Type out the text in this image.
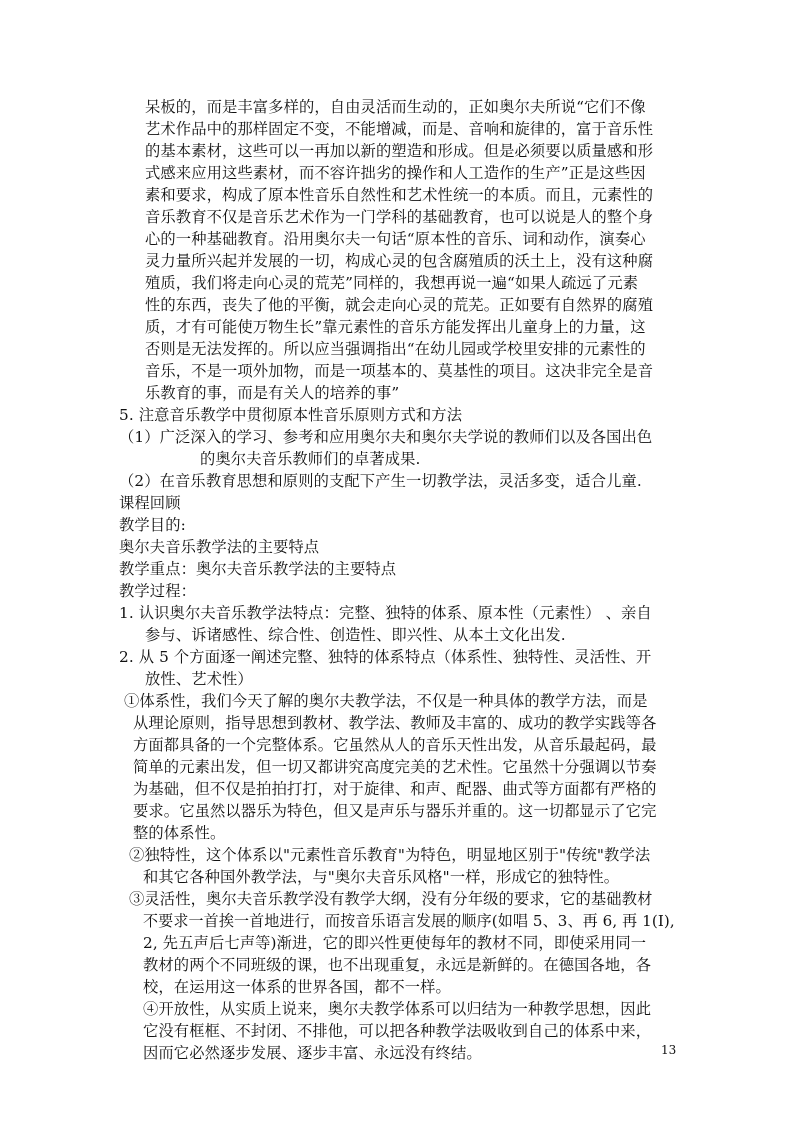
呆板的，而是丰富多样的，自由灵活而生动的，正如奥尔夫所说“它们不像
艺术作品中的那样固定不变，不能增减，而是、音响和旋律的，富于音乐性
的基本素材，这些可以一再加以新的塑造和形成。但是必须要以质量感和形
式感来应用这些素材，而不容许拙劣的操作和人工造作的生产”正是这些因
素和要求，构成了原本性音乐自然性和艺术性统一的本质。而且，元素性的
音乐教育不仅是音乐艺术作为一门学科的基础教育，也可以说是人的整个身
心的一种基础教育。沿用奥尔夫一句话“原本性的音乐、词和动作，演奏心
灵力量所兴起并发展的一切，构成心灵的包含腐殖质的沃土上，没有这种腐
殖质，我们将走向心灵的荒芜”同样的，我想再说一遍“如果人疏远了元素
性的东西，丧失了他的平衡，就会走向心灵的荒芜。正如要有自然界的腐殖
质，才有可能使万物生长”靠元素性的音乐方能发挥出儿童身上的力量，这
否则是无法发挥的。所以应当强调指出“在幼儿园或学校里安排的元素性的
音乐，不是一项外加物，而是一项基本的、莫基性的项目。这决非完全是音
乐教育的事，而是有关人的培养的事”
5. 注意音乐教学中贯彻原本性音乐原则方式和方法
（1）广泛深入的学习、参考和应用奥尔夫和奥尔夫学说的教师们以及各国出色
的奥尔夫音乐教师们的卓著成果.
（2）在音乐教育思想和原则的支配下产生一切教学法，灵活多变，适合儿童.
课程回顾
教学目的:
奥尔夫音乐教学法的主要特点
教学重点：奥尔夫音乐教学法的主要特点
教学过程：
1. 认识奥尔夫音乐教学法特点：完整、独特的体系、原本性（元素性） 、亲自
参与、诉诸感性、综合性、创造性、即兴性、从本土文化出发.
2. 从 5 个方面逐一阐述完整、独特的体系特点（体系性、独特性、灵活性、开
放性、艺术性）
①体系性，我们今天了解的奥尔夫教学法，不仅是一种具体的教学方法，而是
从理论原则，指导思想到教材、教学法、教师及丰富的、成功的教学实践等各
方面都具备的一个完整体系。它虽然从人的音乐天性出发，从音乐最起码，最
简单的元素出发，但一切又都讲究高度完美的艺术性。它虽然十分强调以节奏
为基础，但不仅是拍拍打打，对于旋律、和声、配器、曲式等方面都有严格的
要求。它虽然以器乐为特色，但又是声乐与器乐并重的。这一切都显示了它完
整的体系性。
②独特性，这个体系以"元素性音乐教育"为特色，明显地区别于"传统"教学法
和其它各种国外教学法，与"奥尔夫音乐风格"一样，形成它的独特性。
③灵活性，奥尔夫音乐教学没有教学大纲，没有分年级的要求，它的基础教材
不要求一首挨一首地进行，而按音乐语言发展的顺序(如唱 5、3、再 6, 再 1(I),
2, 先五声后七声等)渐进，它的即兴性更使每年的教材不同，即使采用同一
教材的两个不同班级的课，也不出现重复，永远是新鲜的。在德国各地，各
校，在运用这一体系的世界各国，都不一样。
④开放性，从实质上说来，奥尔夫教学体系可以归结为一种教学思想，因此
它没有框框、不封闭、不排他，可以把各种教学法吸收到自己的体系中来，
因而它必然逐步发展、逐步丰富、永远没有终结。	13
